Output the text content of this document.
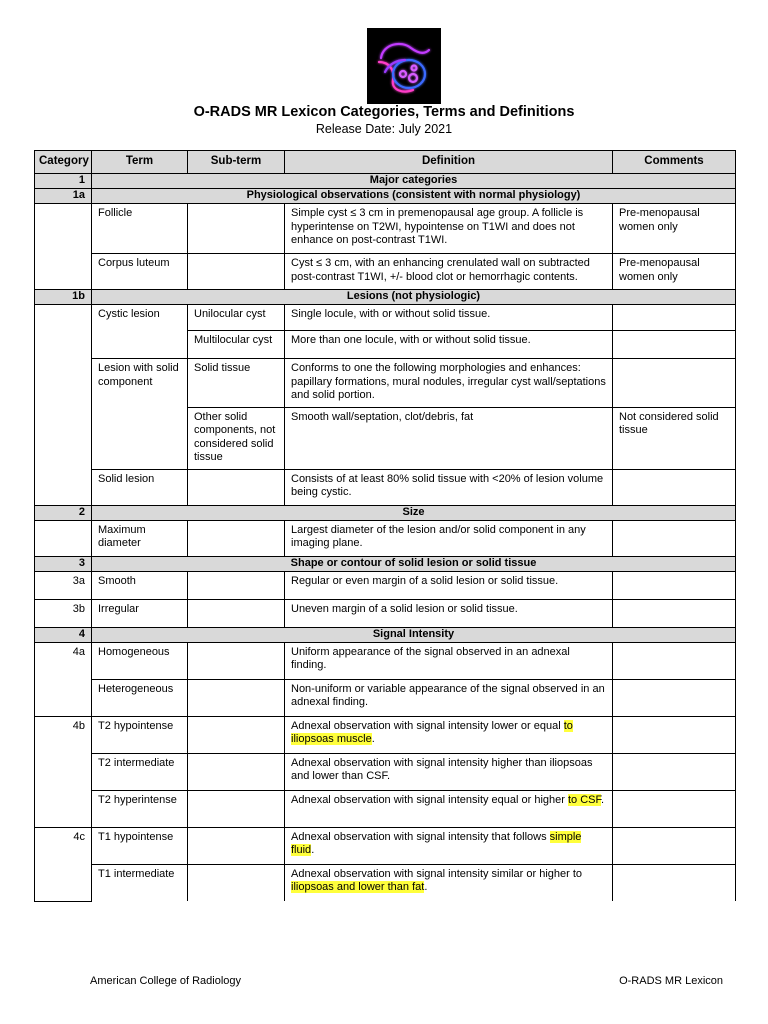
O-RADS MR Lexicon Categories, Terms and Definitions
Release Date: July 2021
Category	Term	Sub-term	Definition	Comments
1	Major categories			
1a	Physiological observations (consistent with normal physiology)			
	Follicle		Simple cyst ≤ 3 cm in premenopausal age group. A follicle is hyperintense on T2WI, hypointense on T1WI and does not enhance on post-contrast T1WI.	Pre-menopausal women only
	Corpus luteum		Cyst ≤ 3 cm, with an enhancing crenulated wall on subtracted post-contrast T1WI, +/- blood clot or hemorrhagic contents.	Pre-menopausal women only
1b	Lesions (not physiologic)			
	Cystic lesion	Unilocular cyst	Single locule, with or without solid tissue.	
		Multilocular cyst	More than one locule, with or without solid tissue.	
	Lesion with solid component	Solid tissue	Conforms to one the following morphologies and enhances: papillary formations, mural nodules, irregular cyst wall/septations and solid portion.	
		Other solid components, not considered solid tissue	Smooth wall/septation, clot/debris, fat	Not considered solid tissue
	Solid lesion		Consists of at least 80% solid tissue with <20% of lesion volume being cystic.	
2	Size			
	Maximum diameter		Largest diameter of the lesion and/or solid component in any imaging plane.	
3	Shape or contour of solid lesion or solid tissue			
3a	Smooth		Regular or even margin of a solid lesion or solid tissue.	
3b	Irregular		Uneven margin of a solid lesion or solid tissue.	
4	Signal Intensity			
4a	Homogeneous		Uniform appearance of the signal observed in an adnexal finding.	
	Heterogeneous		Non-uniform or variable appearance of the signal observed in an adnexal finding.	
4b	T2 hypointense		Adnexal observation with signal intensity lower or equal to iliopsoas muscle.	
	T2 intermediate		Adnexal observation with signal intensity higher than iliopsoas and lower than CSF.	
	T2 hyperintense		Adnexal observation with signal intensity equal or higher to CSF.	
4c	T1 hypointense		Adnexal observation with signal intensity that follows simple fluid.	
	T1 intermediate		Adnexal observation with signal intensity similar or higher to iliopsoas and lower than fat.	
American College of Radiology	O-RADS MR Lexicon
